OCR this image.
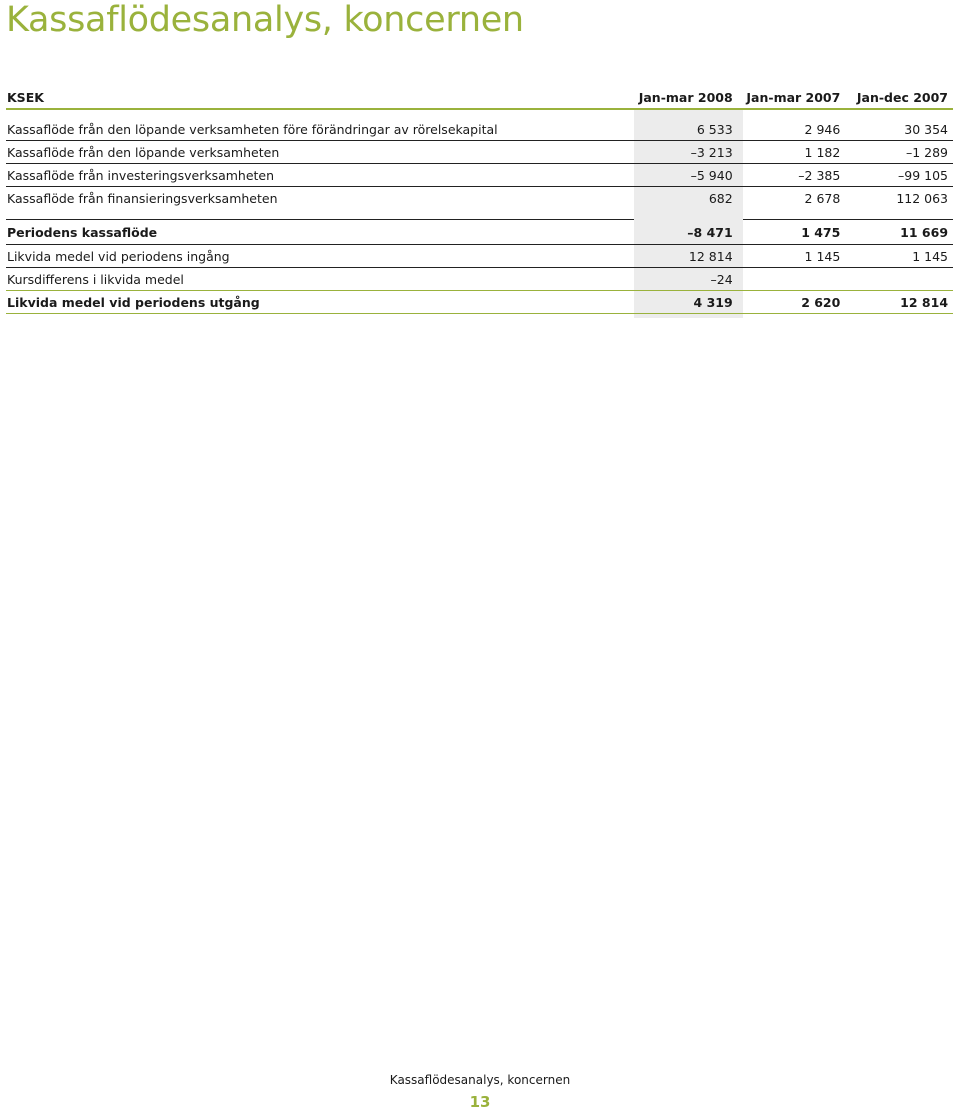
Kassaflödesanalys, koncernen
KSEK	Jan-mar 2008	Jan-mar 2007	Jan-dec 2007
Kassaflöde från den löpande verksamheten före förändringar av rörelsekapital	6 533	2 946	30 354
Kassaflöde från den löpande verksamheten	–3 213	1 182	–1 289
Kassaflöde från investeringsverksamheten	–5 940	–2 385	–99 105
Kassaflöde från finansieringsverksamheten	682	2 678	112 063
Periodens kassaflöde	–8 471	1 475	11 669
Likvida medel vid periodens ingång	12 814	1 145	1 145
Kursdifferens i likvida medel	–24
Likvida medel vid periodens utgång	4 319	2 620	12 814
Kassaflödesanalys, koncernen
13
